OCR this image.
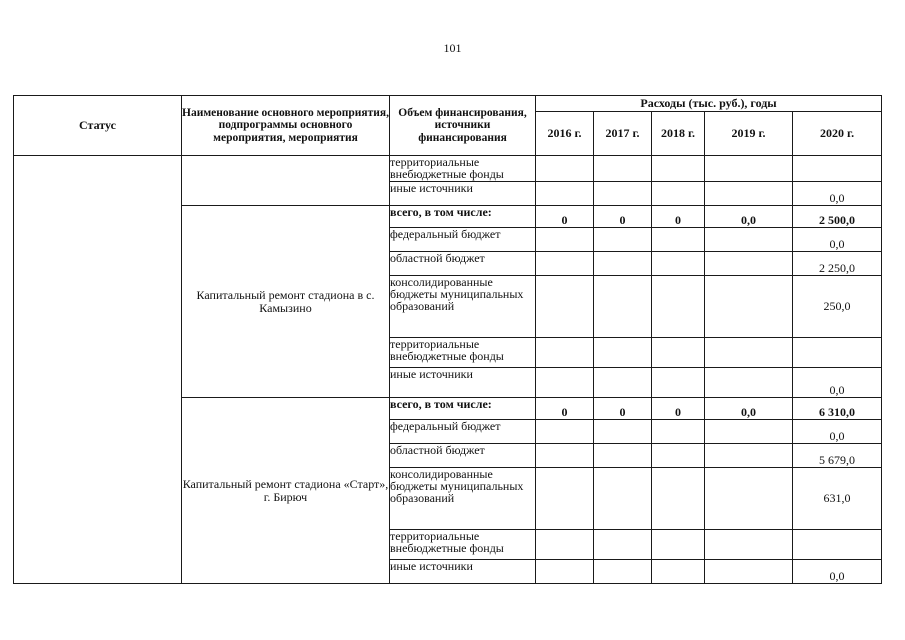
101
Статус	Наименование основного мероприятия, подпрограммы основного мероприятия, мероприятия	Объем финансирования, источники финансирования	Расходы (тыс. руб.), годы				
			2016 г.	2017 г.	2018 г.	2019 г.	2020 г.
		территориальные внебюджетные фонды					
		иные источники					0,0
	Капитальный ремонт стадиона в с. Камызино	всего, в том числе:	0	0	0	0,0	2 500,0
		федеральный бюджет					0,0
		областной бюджет					2 250,0
		консолидированные бюджеты муниципальных образований					250,0
		территориальные внебюджетные фонды					
		иные источники					0,0
	Капитальный ремонт стадиона «Старт», г. Бирюч	всего, в том числе:	0	0	0	0,0	6 310,0
		федеральный бюджет					0,0
		областной бюджет					5 679,0
		консолидированные бюджеты муниципальных образований					631,0
		территориальные внебюджетные фонды					
		иные источники					0,0
